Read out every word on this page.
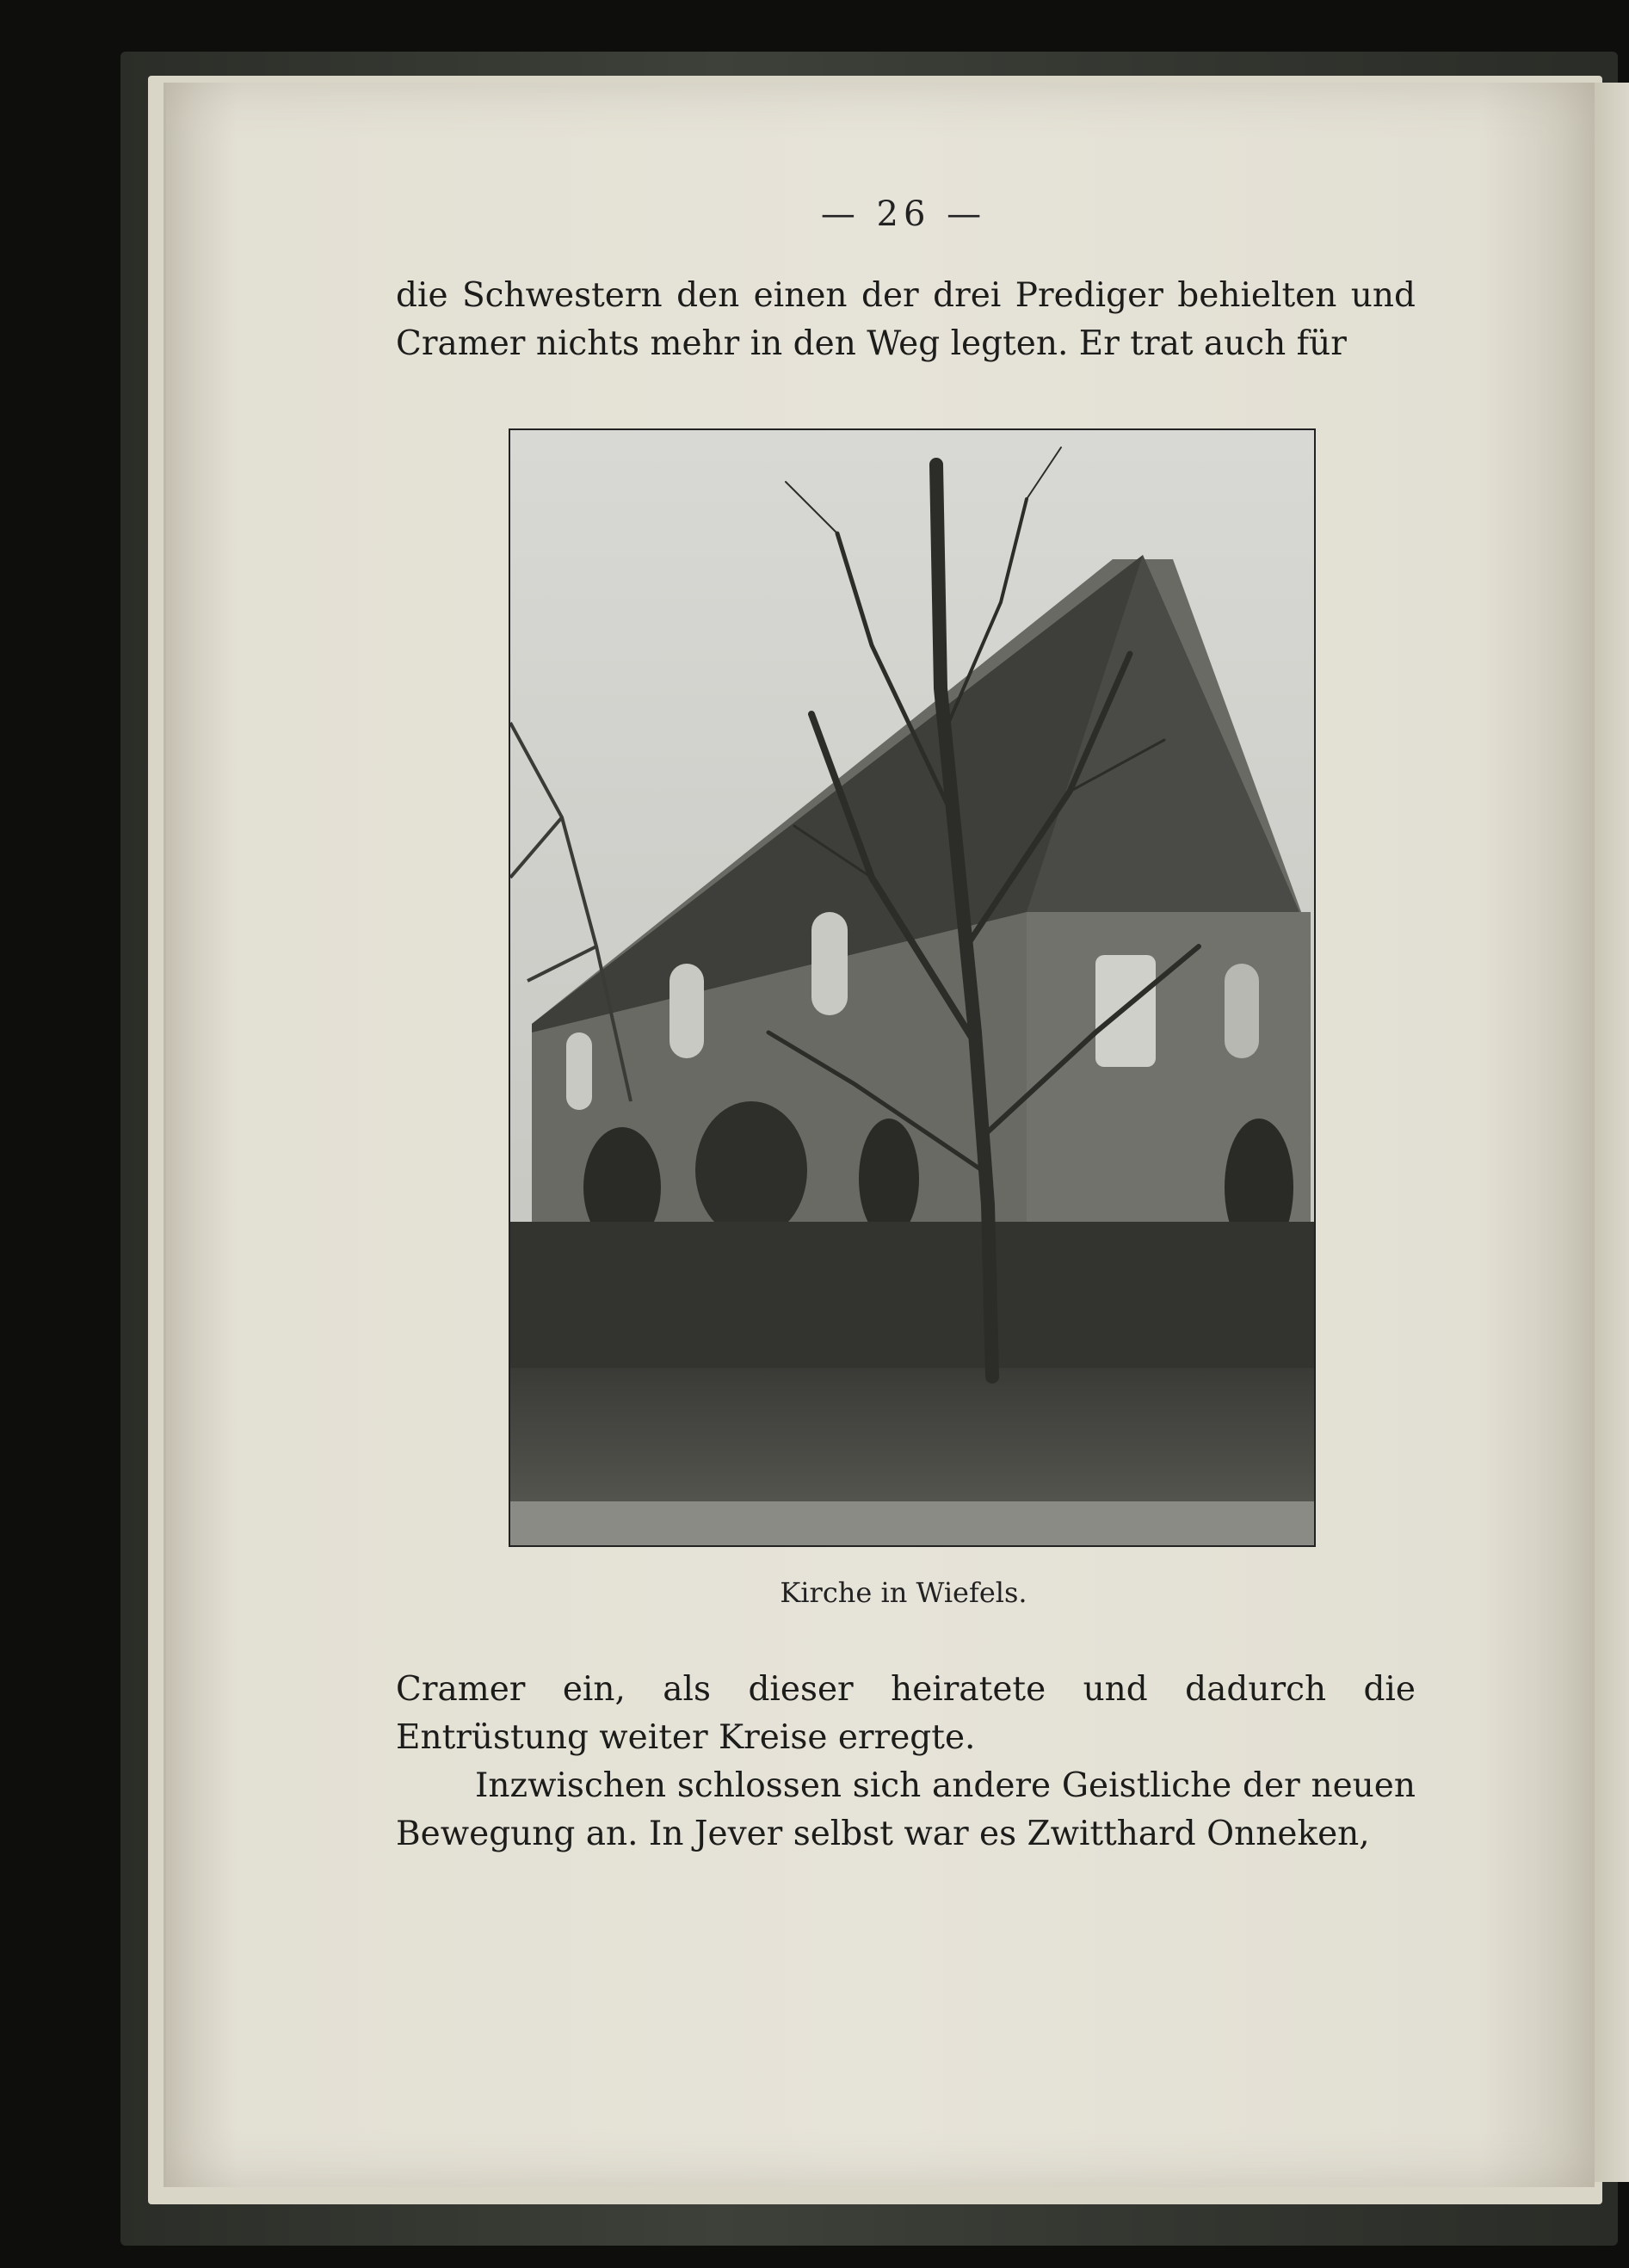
— 26 —

die Schwestern den einen der drei Prediger behielten und Cramer nichts mehr in den Weg legten. Er trat auch für

Kirche in Wiefels.

Cramer ein, als dieser heiratete und dadurch die Entrüstung weiter Kreise erregte.

Inzwischen schlossen sich andere Geistliche der neuen Bewegung an. In Jever selbst war es Zwitthard Onneken,
